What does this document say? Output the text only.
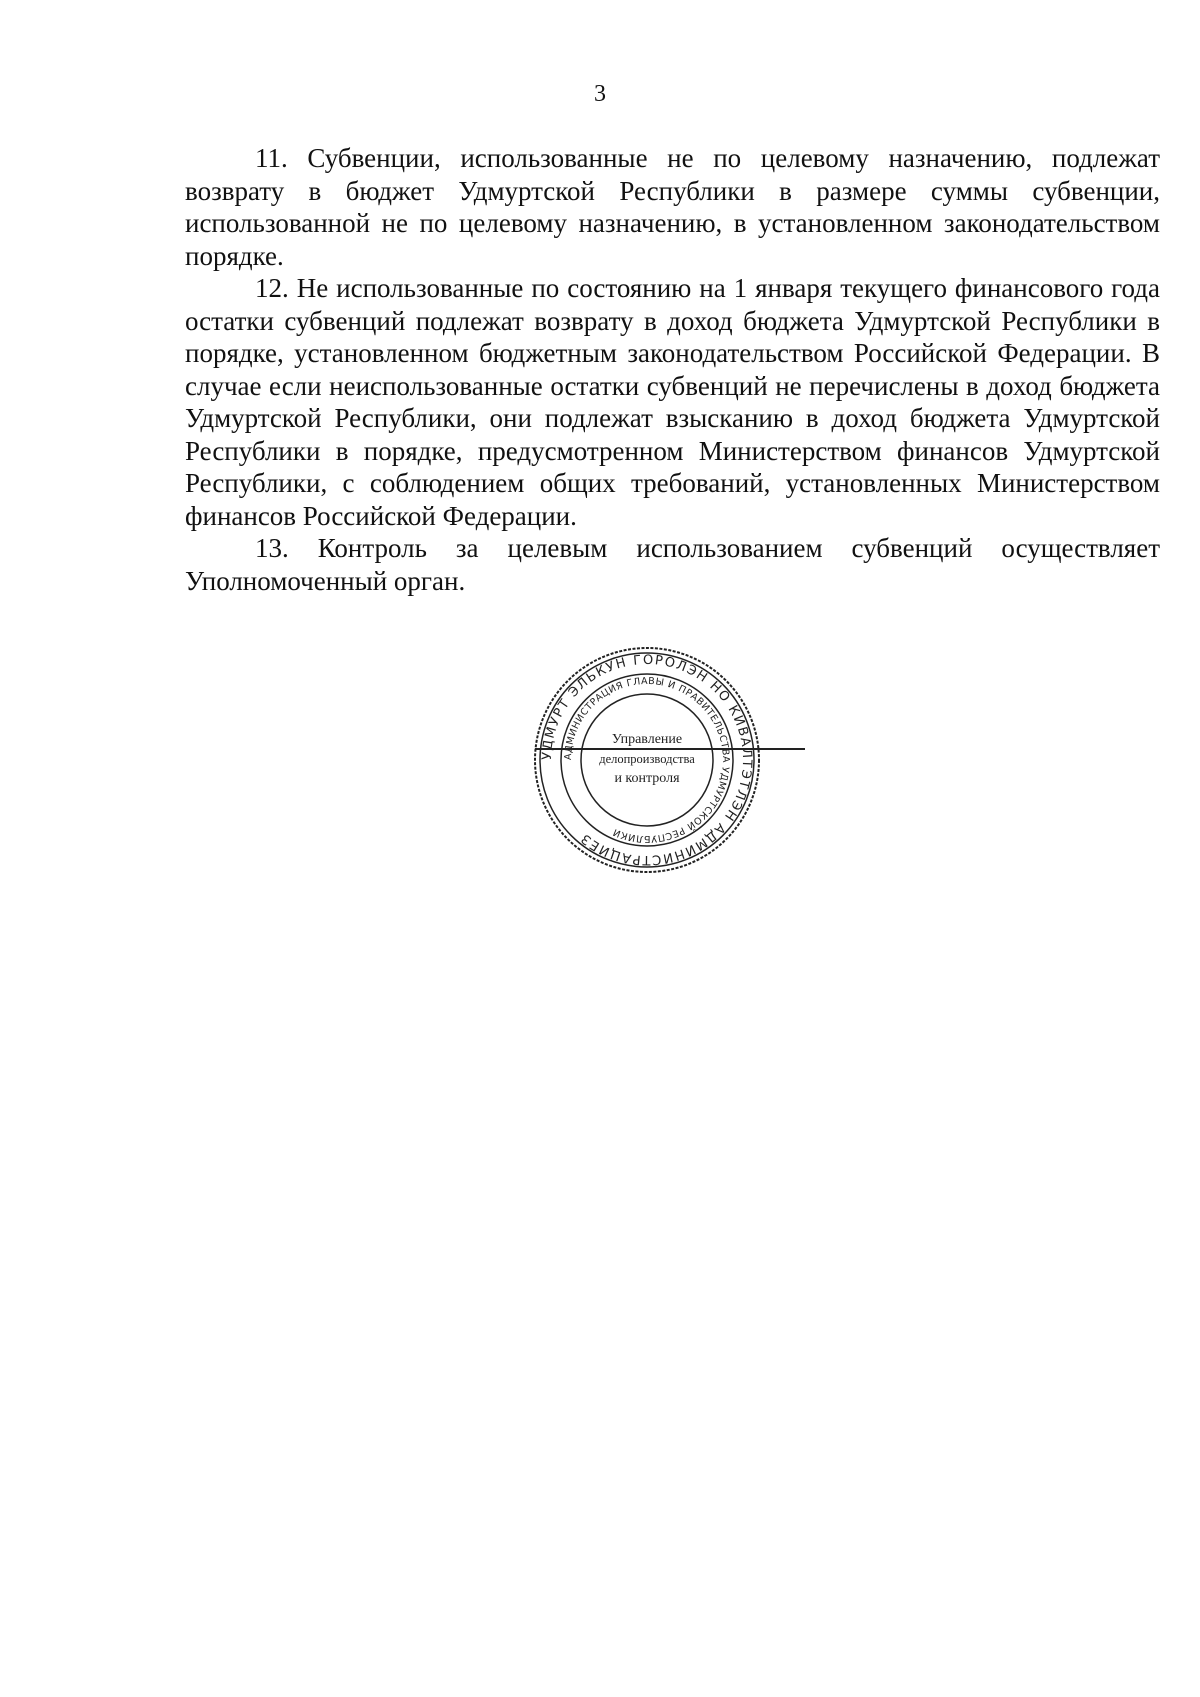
3

11. Субвенции, использованные не по целевому назначению, подлежат возврату в бюджет Удмуртской Республики в размере суммы субвенции, использованной не по целевому назначению, в установленном законодательством порядке.

12. Не использованные по состоянию на 1 января текущего финансового года остатки субвенций подлежат возврату в доход бюджета Удмуртской Республики в порядке, установленном бюджетным законодательством Российской Федерации. В случае если неиспользованные остатки субвенций не перечислены в доход бюджета Удмуртской Республики, они подлежат взысканию в доход бюджета Удмуртской Республики в порядке, предусмотренном Министерством финансов Удмуртской Республики, с соблюдением общих требований, установленных Министерством финансов Российской Федерации.

13. Контроль за целевым использованием субвенций осуществляет Уполномоченный орган.

УДМУРТ ЭЛЬКУН ГОРОЛЭН НО КИВАЛТЭТЛЭН АДМИНИСТРАЦИЕЗ
АДМИНИСТРАЦИЯ ГЛАВЫ И ПРАВИТЕЛЬСТВА УДМУРТСКОЙ РЕСПУБЛИКИ
Управление
делопроизводства
и контроля
